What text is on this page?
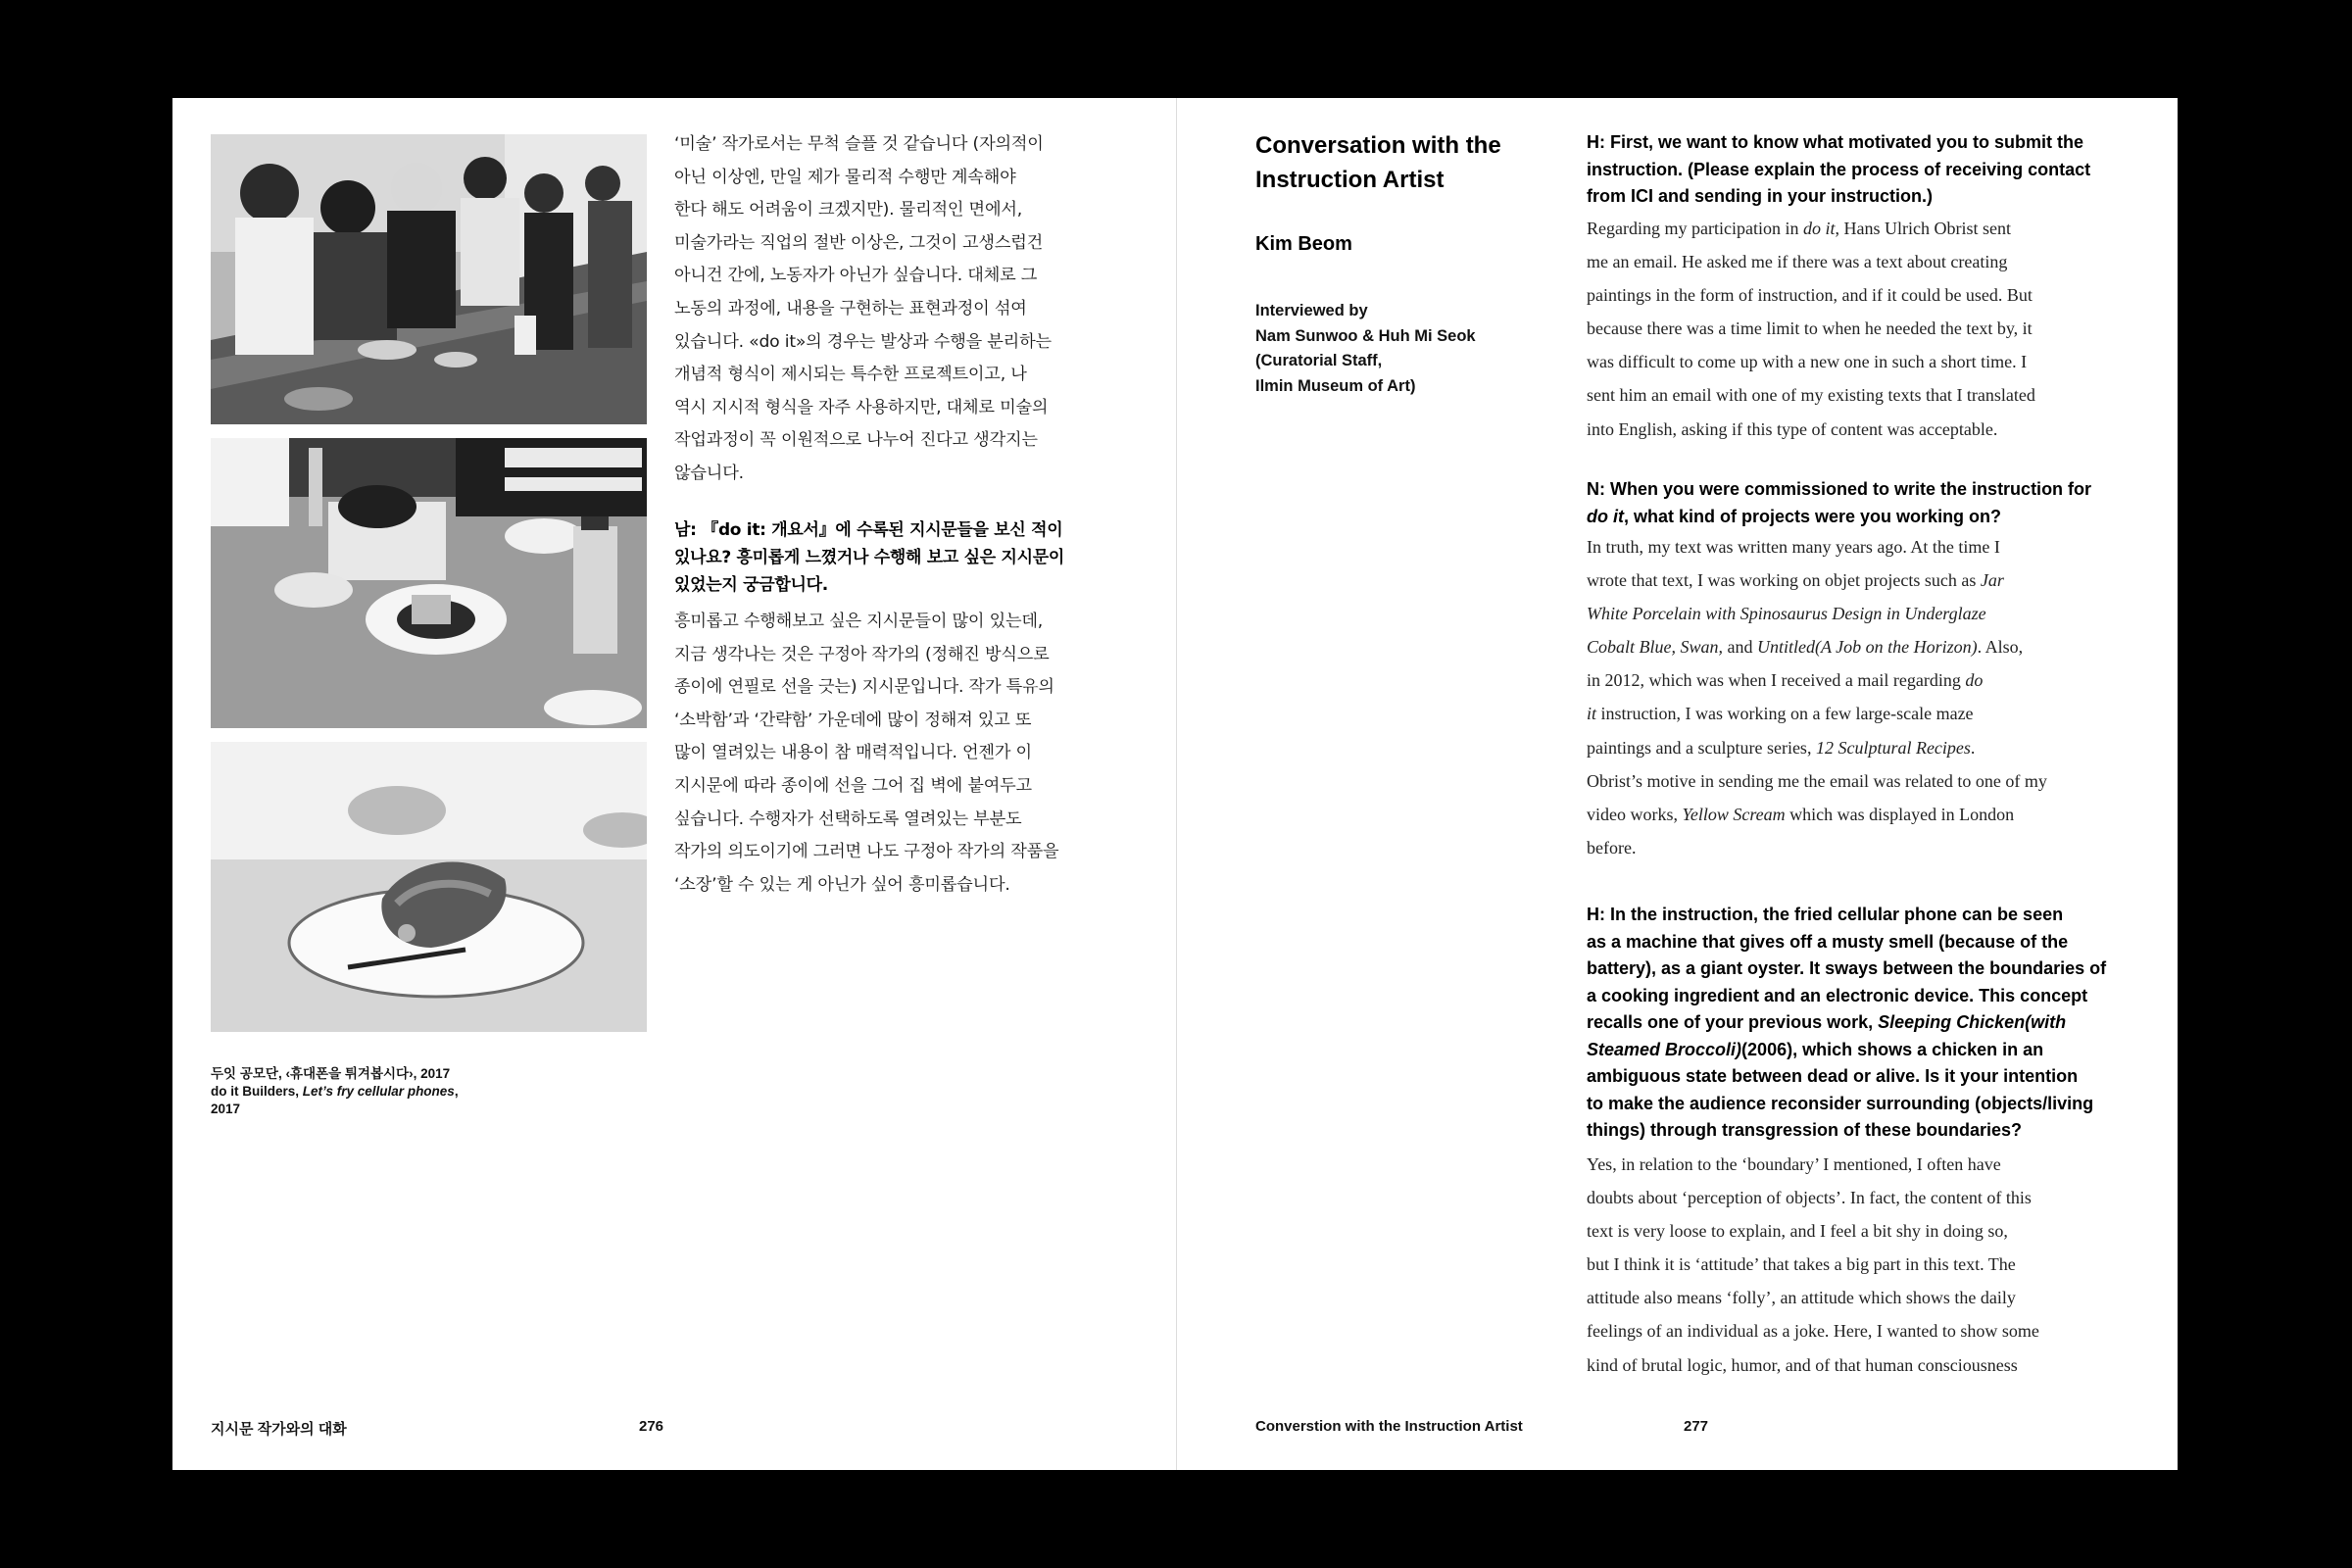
두잇 공모단, ‹휴대폰을 튀겨봅시다›, 2017
do it Builders, Let’s fry cellular phones,
2017
‘미술’ 작가로서는 무척 슬플 것 같습니다 (자의적이
아닌 이상엔, 만일 제가 물리적 수행만 계속해야
한다 해도 어려움이 크겠지만). 물리적인 면에서,
미술가라는 직업의 절반 이상은, 그것이 고생스럽건
아니건 간에, 노동자가 아닌가 싶습니다. 대체로 그
노동의 과정에, 내용을 구현하는 표현과정이 섞여
있습니다. «do it»의 경우는 발상과 수행을 분리하는
개념적 형식이 제시되는 특수한 프로젝트이고, 나
역시 지시적 형식을 자주 사용하지만, 대체로 미술의
작업과정이 꼭 이원적으로 나누어 진다고 생각지는
않습니다.
남: 『do it: 개요서』에 수록된 지시문들을 보신 적이
있나요? 흥미롭게 느꼈거나 수행해 보고 싶은 지시문이
있었는지 궁금합니다.
흥미롭고 수행해보고 싶은 지시문들이 많이 있는데,
지금 생각나는 것은 구정아 작가의 (정해진 방식으로
종이에 연필로 선을 긋는) 지시문입니다. 작가 특유의
‘소박함’과 ‘간략함’ 가운데에 많이 정해져 있고 또
많이 열려있는 내용이 참 매력적입니다. 언젠가 이
지시문에 따라 종이에 선을 그어 집 벽에 붙여두고
싶습니다. 수행자가 선택하도록 열려있는 부분도
작가의 의도이기에 그러면 나도 구정아 작가의 작품을
‘소장’할 수 있는 게 아닌가 싶어 흥미롭습니다.
지시문 작가와의 대화	276
Conversation with the
Instruction Artist
Kim Beom
Interviewed by
Nam Sunwoo & Huh Mi Seok
(Curatorial Staff,
Ilmin Museum of Art)
H: First, we want to know what motivated you to submit the
instruction. (Please explain the process of receiving contact
from ICI and sending in your instruction.)
Regarding my participation in do it, Hans Ulrich Obrist sent
me an email. He asked me if there was a text about creating
paintings in the form of instruction, and if it could be used. But
because there was a time limit to when he needed the text by, it
was difficult to come up with a new one in such a short time. I
sent him an email with one of my existing texts that I translated
into English, asking if this type of content was acceptable.
N: When you were commissioned to write the instruction for
do it, what kind of projects were you working on?
In truth, my text was written many years ago. At the time I
wrote that text, I was working on objet projects such as Jar
White Porcelain with Spinosaurus Design in Underglaze
Cobalt Blue, Swan, and Untitled(A Job on the Horizon). Also,
in 2012, which was when I received a mail regarding do
it instruction, I was working on a few large-scale maze
paintings and a sculpture series, 12 Sculptural Recipes.
Obrist’s motive in sending me the email was related to one of my
video works, Yellow Scream which was displayed in London
before.
H: In the instruction, the fried cellular phone can be seen
as a machine that gives off a musty smell (because of the
battery), as a giant oyster. It sways between the boundaries of
a cooking ingredient and an electronic device. This concept
recalls one of your previous work, Sleeping Chicken(with
Steamed Broccoli)(2006), which shows a chicken in an
ambiguous state between dead or alive. Is it your intention
to make the audience reconsider surrounding (objects/living
things) through transgression of these boundaries?
Yes, in relation to the ‘boundary’ I mentioned, I often have
doubts about ‘perception of objects’. In fact, the content of this
text is very loose to explain, and I feel a bit shy in doing so,
but I think it is ‘attitude’ that takes a big part in this text. The
attitude also means ‘folly’, an attitude which shows the daily
feelings of an individual as a joke. Here, I wanted to show some
kind of brutal logic, humor, and of that human consciousness
Converstion with the Instruction Artist	277
